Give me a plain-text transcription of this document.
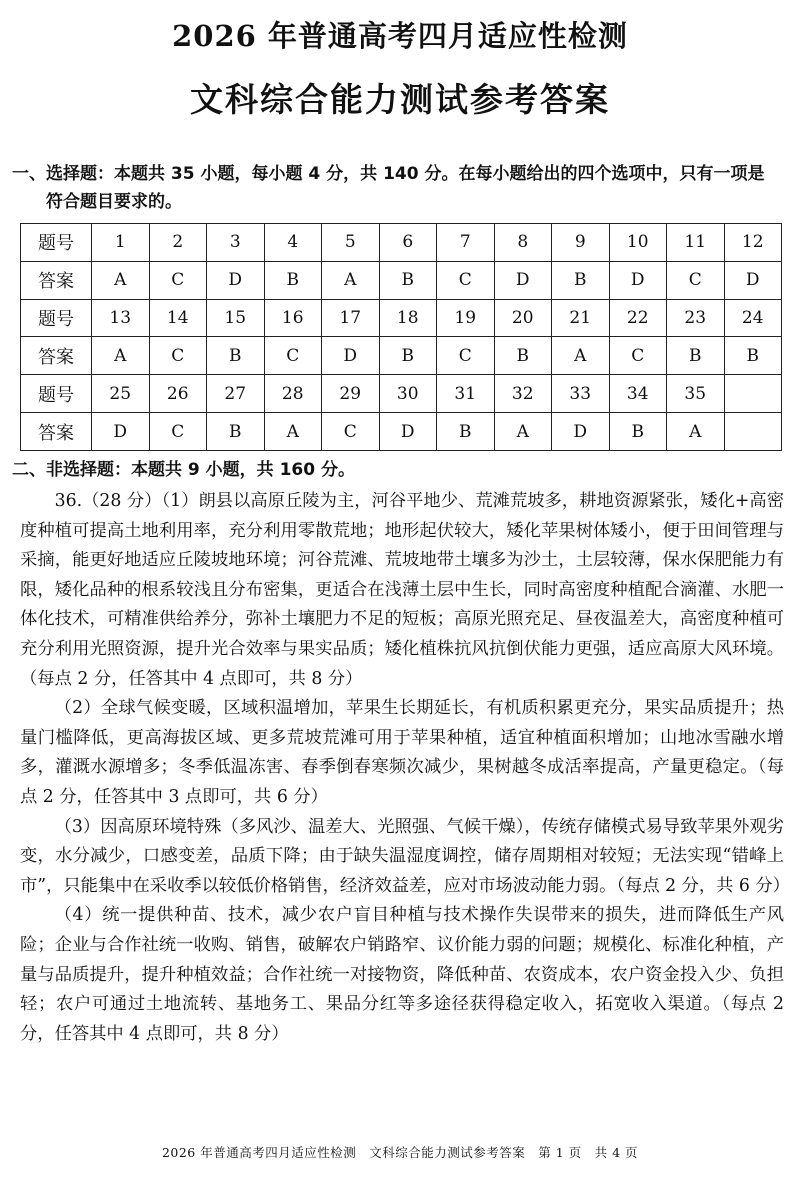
2026 年普通高考四月适应性检测
文科综合能力测试参考答案
一、选择题：本题共 35 小题，每小题 4 分，共 140 分。在每小题给出的四个选项中，只有一项是
符合题目要求的。
题号	1	2	3	4	5	6	7	8	9	10	11	12
答案	A	C	D	B	A	B	C	D	B	D	C	D
题号	13	14	15	16	17	18	19	20	21	22	23	24
答案	A	C	B	C	D	B	C	B	A	C	B	B
题号	25	26	27	28	29	30	31	32	33	34	35	
答案	D	C	B	A	C	D	B	A	D	B	A	
二、非选择题：本题共 9 小题，共 160 分。

36.（28 分）（1）朗县以高原丘陵为主，河谷平地少、荒滩荒坡多，耕地资源紧张，矮化+高密度种植可提高土地利用率，充分利用零散荒地；地形起伏较大，矮化苹果树体矮小，便于田间管理与采摘，能更好地适应丘陵坡地环境；河谷荒滩、荒坡地带土壤多为沙土，土层较薄，保水保肥能力有限，矮化品种的根系较浅且分布密集，更适合在浅薄土层中生长，同时高密度种植配合滴灌、水肥一体化技术，可精准供给养分，弥补土壤肥力不足的短板；高原光照充足、昼夜温差大，高密度种植可充分利用光照资源，提升光合效率与果实品质；矮化植株抗风抗倒伏能力更强，适应高原大风环境。（每点 2 分，任答其中 4 点即可，共 8 分）

（2）全球气候变暖，区域积温增加，苹果生长期延长，有机质积累更充分，果实品质提升；热量门槛降低，更高海拔区域、更多荒坡荒滩可用于苹果种植，适宜种植面积增加；山地冰雪融水增多，灌溉水源增多；冬季低温冻害、春季倒春寒频次减少，果树越冬成活率提高，产量更稳定。（每点 2 分，任答其中 3 点即可，共 6 分）

（3）因高原环境特殊（多风沙、温差大、光照强、气候干燥），传统存储模式易导致苹果外观劣变，水分减少，口感变差，品质下降；由于缺失温湿度调控，储存周期相对较短；无法实现“错峰上市”，只能集中在采收季以较低价格销售，经济效益差，应对市场波动能力弱。（每点 2 分，共 6 分）

（4）统一提供种苗、技术，减少农户盲目种植与技术操作失误带来的损失，进而降低生产风险；企业与合作社统一收购、销售，破解农户销路窄、议价能力弱的问题；规模化、标准化种植，产量与品质提升，提升种植效益；合作社统一对接物资，降低种苗、农资成本，农户资金投入少、负担轻；农户可通过土地流转、基地务工、果品分红等多途径获得稳定收入，拓宽收入渠道。（每点 2 分，任答其中 4 点即可，共 8 分）

2026 年普通高考四月适应性检测　文科综合能力测试参考答案　第 1 页　共 4 页
